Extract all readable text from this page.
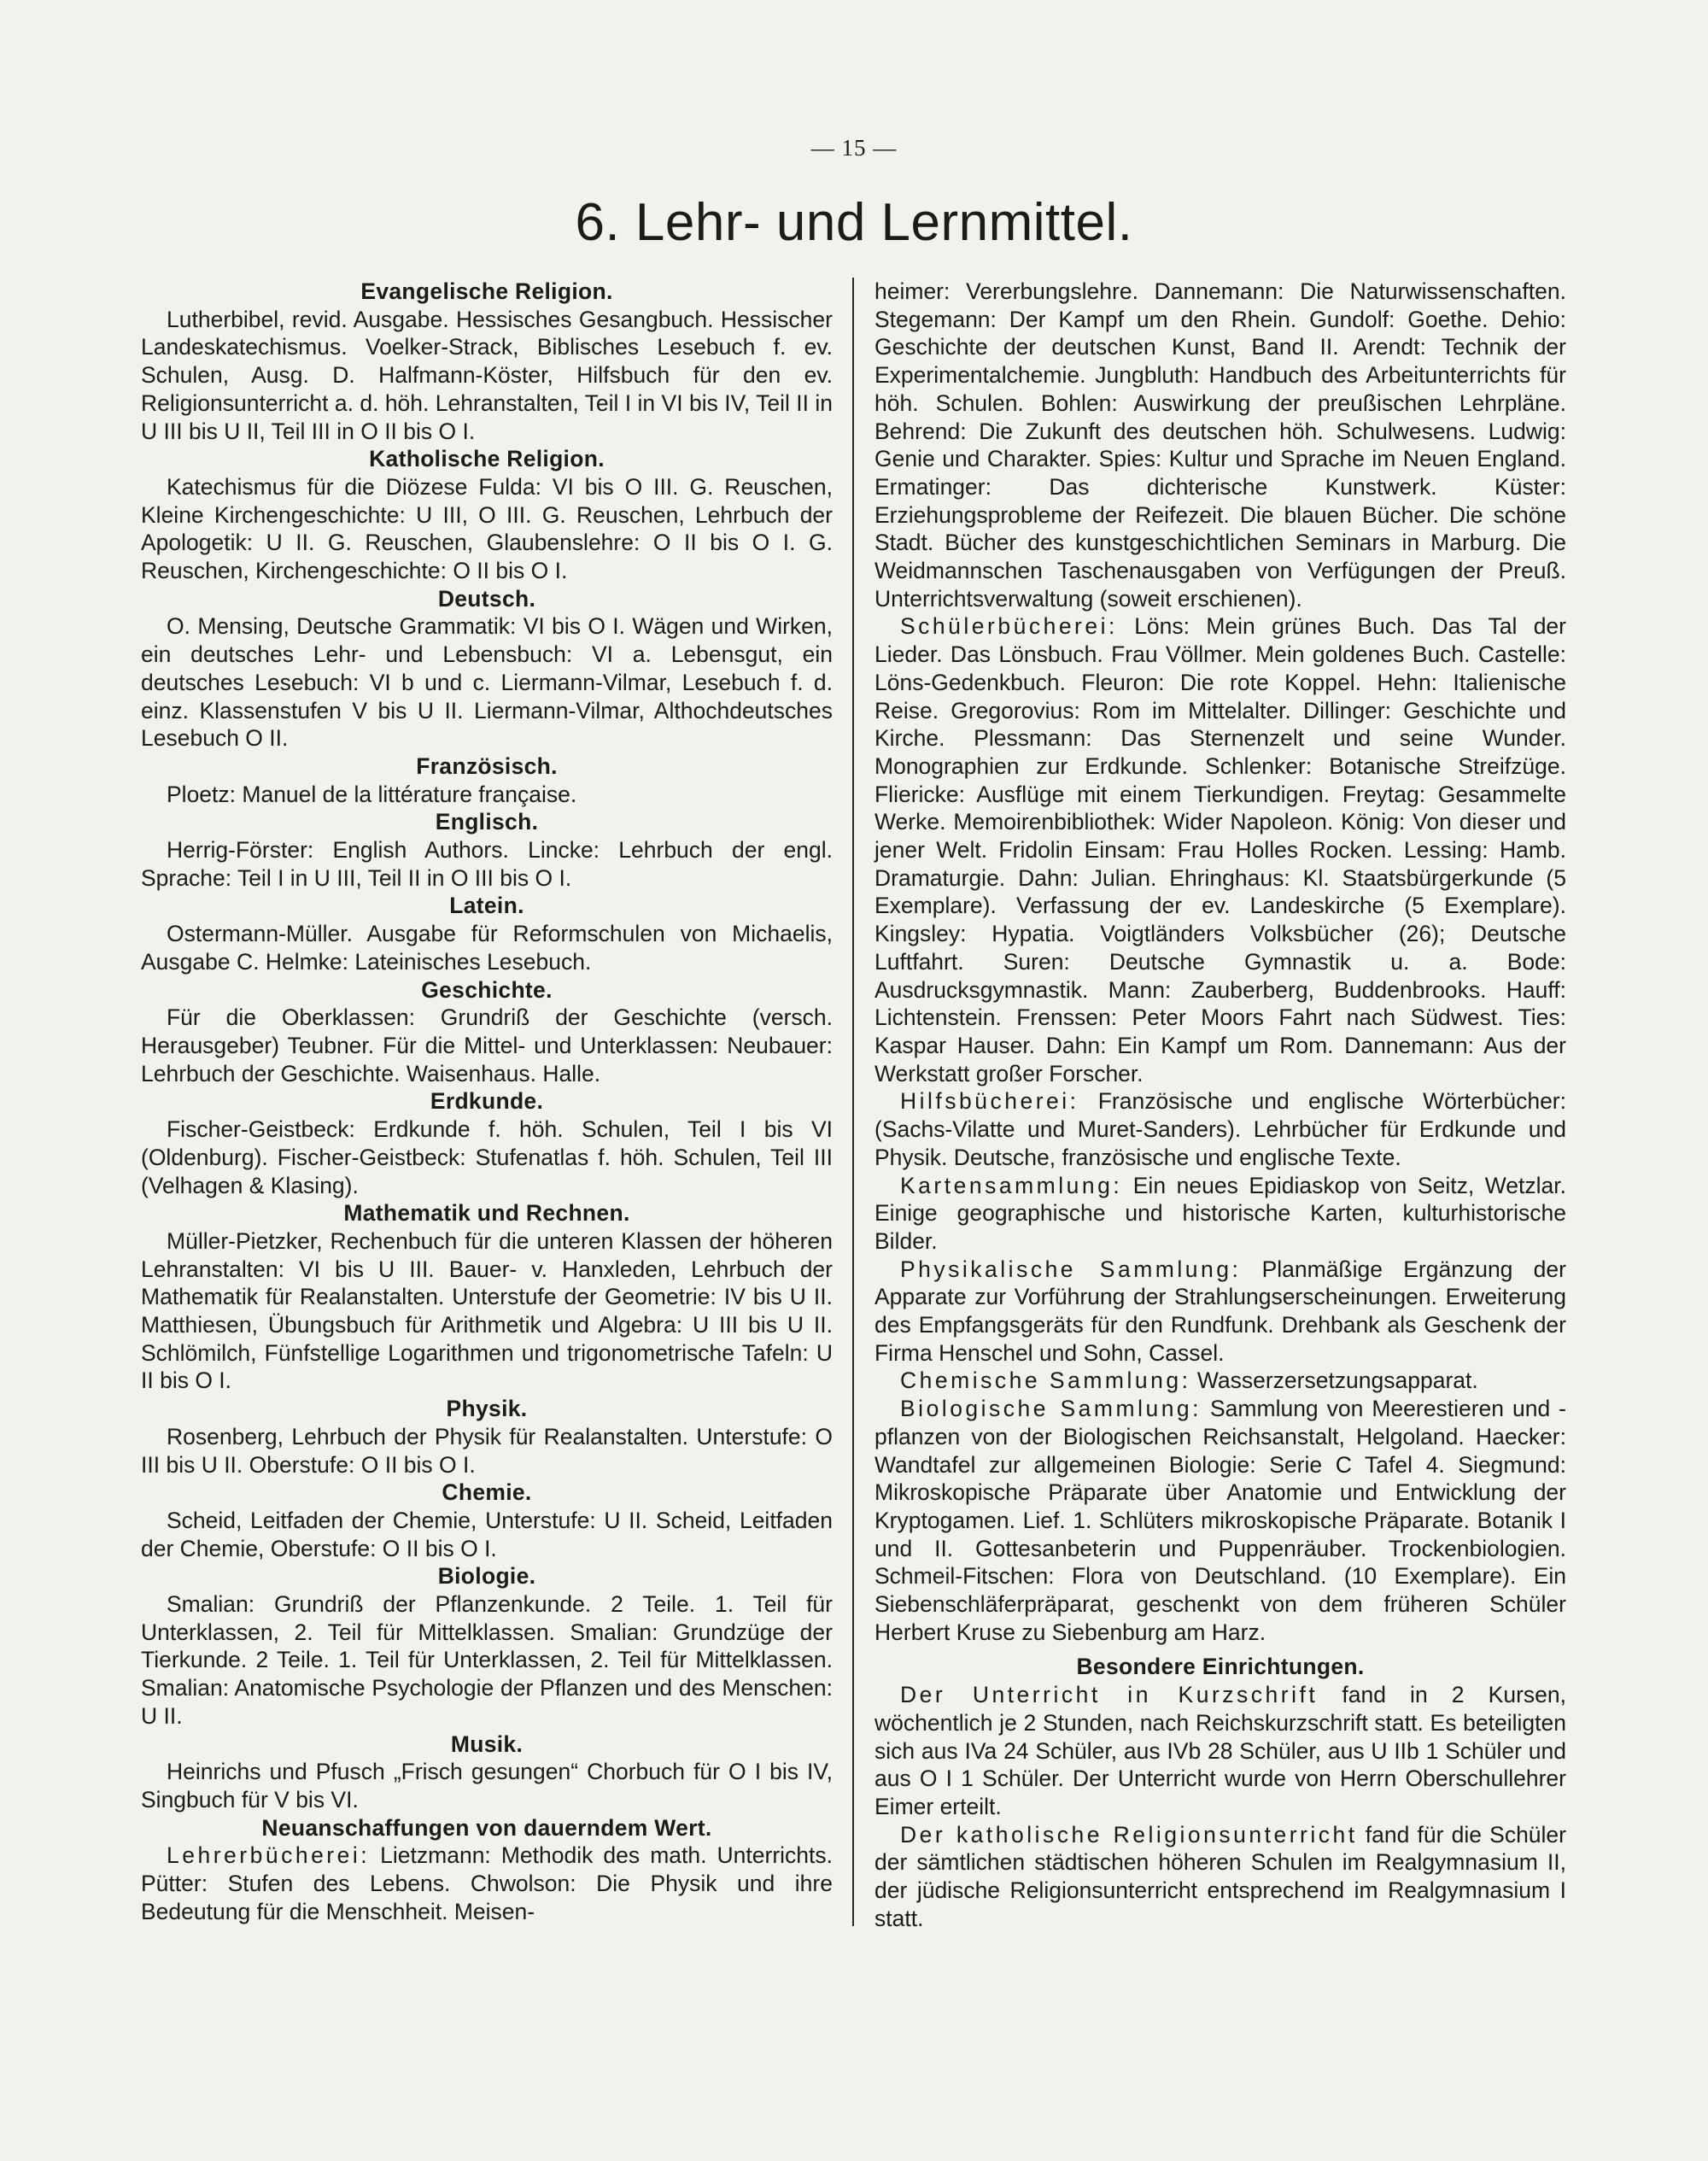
— 15 —
6. Lehr- und Lernmittel.

Evangelische Religion.

Lutherbibel, revid. Ausgabe. Hessisches Gesangbuch. Hessischer Landeskatechismus. Voelker-Strack, Biblisches Lesebuch f. ev. Schulen, Ausg. D. Halfmann-Köster, Hilfsbuch für den ev. Religionsunterricht a. d. höh. Lehranstalten, Teil I in VI bis IV, Teil II in U III bis U II, Teil III in O II bis O I.

Katholische Religion.

Katechismus für die Diözese Fulda: VI bis O III. G. Reuschen, Kleine Kirchengeschichte: U III, O III. G. Reuschen, Lehrbuch der Apologetik: U II. G. Reuschen, Glaubenslehre: O II bis O I. G. Reuschen, Kirchengeschichte: O II bis O I.

Deutsch.

O. Mensing, Deutsche Grammatik: VI bis O I. Wägen und Wirken, ein deutsches Lehr- und Lebensbuch: VI a. Lebensgut, ein deutsches Lesebuch: VI b und c. Liermann-Vilmar, Lesebuch f. d. einz. Klassenstufen V bis U II. Liermann-Vilmar, Althochdeutsches Lesebuch O II.

Französisch.

Ploetz: Manuel de la littérature française.

Englisch.

Herrig-Förster: English Authors. Lincke: Lehrbuch der engl. Sprache: Teil I in U III, Teil II in O III bis O I.

Latein.

Ostermann-Müller. Ausgabe für Reformschulen von Michaelis, Ausgabe C. Helmke: Lateinisches Lesebuch.

Geschichte.

Für die Oberklassen: Grundriß der Geschichte (versch. Herausgeber) Teubner. Für die Mittel- und Unterklassen: Neubauer: Lehrbuch der Geschichte. Waisenhaus. Halle.

Erdkunde.

Fischer-Geistbeck: Erdkunde f. höh. Schulen, Teil I bis VI (Oldenburg). Fischer-Geistbeck: Stufenatlas f. höh. Schulen, Teil III (Velhagen & Klasing).

Mathematik und Rechnen.

Müller-Pietzker, Rechenbuch für die unteren Klassen der höheren Lehranstalten: VI bis U III. Bauer- v. Hanxleden, Lehrbuch der Mathematik für Realanstalten. Unterstufe der Geometrie: IV bis U II. Matthiesen, Übungsbuch für Arithmetik und Algebra: U III bis U II. Schlömilch, Fünfstellige Logarithmen und trigonometrische Tafeln: U II bis O I.

Physik.

Rosenberg, Lehrbuch der Physik für Realanstalten. Unterstufe: O III bis U II. Oberstufe: O II bis O I.

Chemie.

Scheid, Leitfaden der Chemie, Unterstufe: U II. Scheid, Leitfaden der Chemie, Oberstufe: O II bis O I.

Biologie.

Smalian: Grundriß der Pflanzenkunde. 2 Teile. 1. Teil für Unterklassen, 2. Teil für Mittelklassen. Smalian: Grundzüge der Tierkunde. 2 Teile. 1. Teil für Unterklassen, 2. Teil für Mittelklassen. Smalian: Anatomische Psychologie der Pflanzen und des Menschen: U II.

Musik.

Heinrichs und Pfusch „Frisch gesungen“ Chorbuch für O I bis IV, Singbuch für V bis VI.

Neuanschaffungen von dauerndem Wert.

Lehrerbücherei: Lietzmann: Methodik des math. Unterrichts. Pütter: Stufen des Lebens. Chwolson: Die Physik und ihre Bedeutung für die Menschheit. Meisen-

heimer: Vererbungslehre. Dannemann: Die Naturwissenschaften. Stegemann: Der Kampf um den Rhein. Gundolf: Goethe. Dehio: Geschichte der deutschen Kunst, Band II. Arendt: Technik der Experimentalchemie. Jungbluth: Handbuch des Arbeitunterrichts für höh. Schulen. Bohlen: Auswirkung der preußischen Lehrpläne. Behrend: Die Zukunft des deutschen höh. Schulwesens. Ludwig: Genie und Charakter. Spies: Kultur und Sprache im Neuen England. Ermatinger: Das dichterische Kunstwerk. Küster: Erziehungsprobleme der Reifezeit. Die blauen Bücher. Die schöne Stadt. Bücher des kunstgeschichtlichen Seminars in Marburg. Die Weidmannschen Taschenausgaben von Verfügungen der Preuß. Unterrichtsverwaltung (soweit erschienen).

Schülerbücherei: Löns: Mein grünes Buch. Das Tal der Lieder. Das Lönsbuch. Frau Völlmer. Mein goldenes Buch. Castelle: Löns-Gedenkbuch. Fleuron: Die rote Koppel. Hehn: Italienische Reise. Gregorovius: Rom im Mittelalter. Dillinger: Geschichte und Kirche. Plessmann: Das Sternenzelt und seine Wunder. Monographien zur Erdkunde. Schlenker: Botanische Streifzüge. Fliericke: Ausflüge mit einem Tierkundigen. Freytag: Gesammelte Werke. Memoirenbibliothek: Wider Napoleon. König: Von dieser und jener Welt. Fridolin Einsam: Frau Holles Rocken. Lessing: Hamb. Dramaturgie. Dahn: Julian. Ehringhaus: Kl. Staatsbürgerkunde (5 Exemplare). Verfassung der ev. Landeskirche (5 Exemplare). Kingsley: Hypatia. Voigtländers Volksbücher (26); Deutsche Luftfahrt. Suren: Deutsche Gymnastik u. a. Bode: Ausdrucksgymnastik. Mann: Zauberberg, Buddenbrooks. Hauff: Lichtenstein. Frenssen: Peter Moors Fahrt nach Südwest. Ties: Kaspar Hauser. Dahn: Ein Kampf um Rom. Dannemann: Aus der Werkstatt großer Forscher.

Hilfsbücherei: Französische und englische Wörterbücher: (Sachs-Vilatte und Muret-Sanders). Lehrbücher für Erdkunde und Physik. Deutsche, französische und englische Texte.

Kartensammlung: Ein neues Epidiaskop von Seitz, Wetzlar. Einige geographische und historische Karten, kulturhistorische Bilder.

Physikalische Sammlung: Planmäßige Ergänzung der Apparate zur Vorführung der Strahlungserscheinungen. Erweiterung des Empfangsgeräts für den Rundfunk. Drehbank als Geschenk der Firma Henschel und Sohn, Cassel.

Chemische Sammlung: Wasserzersetzungsapparat.

Biologische Sammlung: Sammlung von Meerestieren und -pflanzen von der Biologischen Reichsanstalt, Helgoland. Haecker: Wandtafel zur allgemeinen Biologie: Serie C Tafel 4. Siegmund: Mikroskopische Präparate über Anatomie und Entwicklung der Kryptogamen. Lief. 1. Schlüters mikroskopische Präparate. Botanik I und II. Gottesanbeterin und Puppenräuber. Trockenbiologien. Schmeil-Fitschen: Flora von Deutschland. (10 Exemplare). Ein Siebenschläferpräparat, geschenkt von dem früheren Schüler Herbert Kruse zu Siebenburg am Harz.

Besondere Einrichtungen.

Der Unterricht in Kurzschrift fand in 2 Kursen, wöchentlich je 2 Stunden, nach Reichskurzschrift statt. Es beteiligten sich aus IVa 24 Schüler, aus IVb 28 Schüler, aus U IIb 1 Schüler und aus O I 1 Schüler. Der Unterricht wurde von Herrn Oberschullehrer Eimer erteilt.

Der katholische Religionsunterricht fand für die Schüler der sämtlichen städtischen höheren Schulen im Realgymnasium II, der jüdische Religionsunterricht entsprechend im Realgymnasium I statt.
